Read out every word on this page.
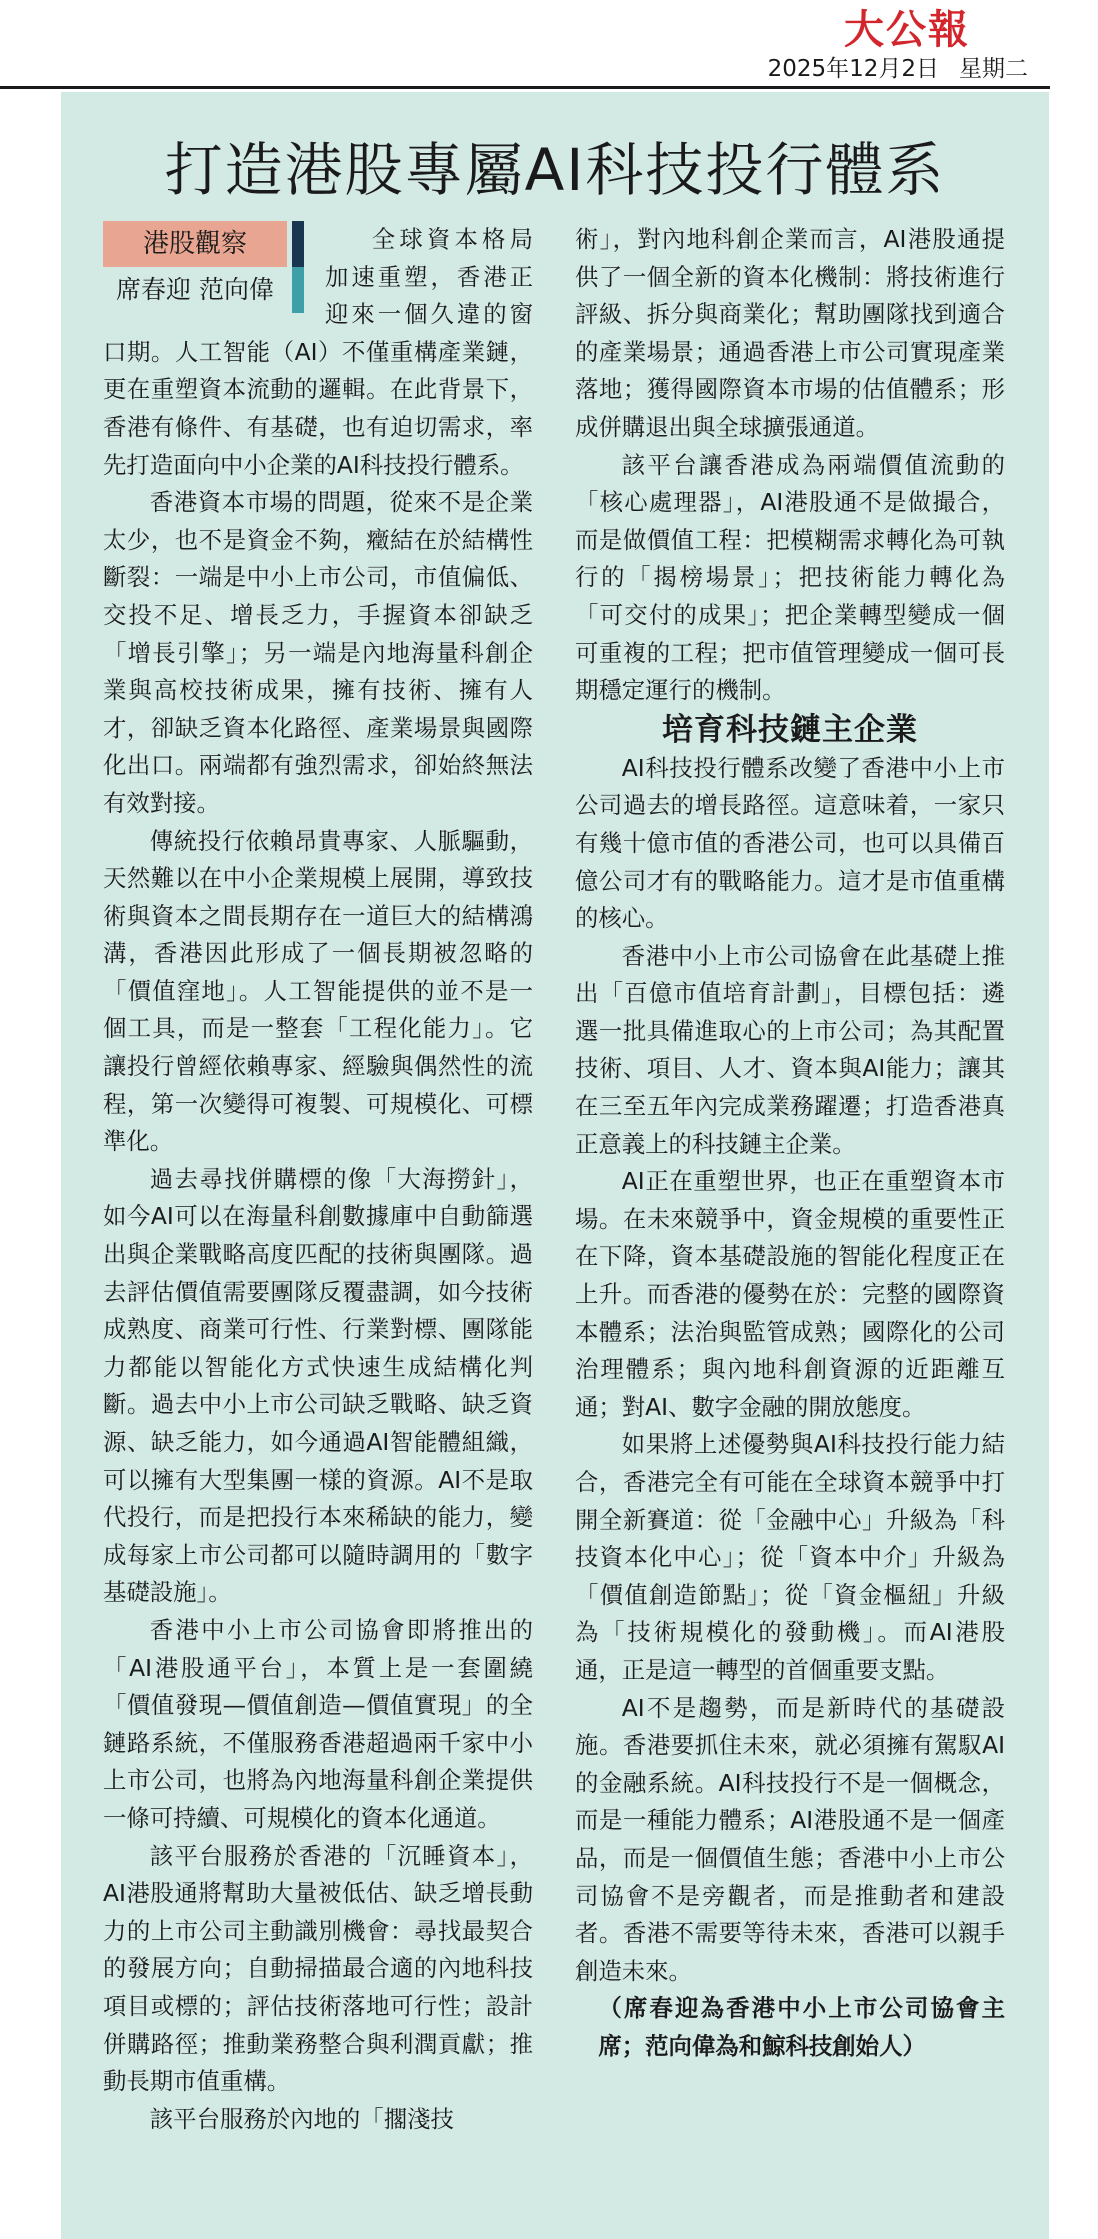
大公報
2025年12月2日 星期二
打造港股專屬AI科技投行體系
港股觀察
席春迎 范向偉

全球資本格局加速重塑，香港正迎來一個久違的窗口期。人工智能（AI）不僅重構產業鏈，更在重塑資本流動的邏輯。在此背景下，香港有條件、有基礎，也有迫切需求，率先打造面向中小企業的AI科技投行體系。

香港資本市場的問題，從來不是企業太少，也不是資金不夠，癥結在於結構性斷裂：一端是中小上市公司，市值偏低、交投不足、增長乏力，手握資本卻缺乏「增長引擎」；另一端是內地海量科創企業與高校技術成果，擁有技術、擁有人才，卻缺乏資本化路徑、產業場景與國際化出口。兩端都有強烈需求，卻始終無法有效對接。

傳統投行依賴昂貴專家、人脈驅動，天然難以在中小企業規模上展開，導致技術與資本之間長期存在一道巨大的結構鴻溝，香港因此形成了一個長期被忽略的「價值窪地」。人工智能提供的並不是一個工具，而是一整套「工程化能力」。它讓投行曾經依賴專家、經驗與偶然性的流程，第一次變得可複製、可規模化、可標準化。

過去尋找併購標的像「大海撈針」，如今AI可以在海量科創數據庫中自動篩選出與企業戰略高度匹配的技術與團隊。過去評估價值需要團隊反覆盡調，如今技術成熟度、商業可行性、行業對標、團隊能力都能以智能化方式快速生成結構化判斷。過去中小上市公司缺乏戰略、缺乏資源、缺乏能力，如今通過AI智能體組織，可以擁有大型集團一樣的資源。AI不是取代投行，而是把投行本來稀缺的能力，變成每家上市公司都可以隨時調用的「數字基礎設施」。

香港中小上市公司協會即將推出的「AI港股通平台」，本質上是一套圍繞「價值發現—價值創造—價值實現」的全鏈路系統，不僅服務香港超過兩千家中小上市公司，也將為內地海量科創企業提供一條可持續、可規模化的資本化通道。

該平台服務於香港的「沉睡資本」，AI港股通將幫助大量被低估、缺乏增長動力的上市公司主動識別機會：尋找最契合的發展方向；自動掃描最合適的內地科技項目或標的；評估技術落地可行性；設計併購路徑；推動業務整合與利潤貢獻；推動長期市值重構。

該平台服務於內地的「擱淺技

術」，對內地科創企業而言，AI港股通提供了一個全新的資本化機制：將技術進行評級、拆分與商業化；幫助團隊找到適合的產業場景；通過香港上市公司實現產業落地；獲得國際資本市場的估值體系；形成併購退出與全球擴張通道。

該平台讓香港成為兩端價值流動的「核心處理器」，AI港股通不是做撮合，而是做價值工程：把模糊需求轉化為可執行的「揭榜場景」；把技術能力轉化為「可交付的成果」；把企業轉型變成一個可重複的工程；把市值管理變成一個可長期穩定運行的機制。

培育科技鏈主企業

AI科技投行體系改變了香港中小上市公司過去的增長路徑。這意味着，一家只有幾十億市值的香港公司，也可以具備百億公司才有的戰略能力。這才是市值重構的核心。

香港中小上市公司協會在此基礎上推出「百億市值培育計劃」，目標包括：遴選一批具備進取心的上市公司；為其配置技術、項目、人才、資本與AI能力；讓其在三至五年內完成業務躍遷；打造香港真正意義上的科技鏈主企業。

AI正在重塑世界，也正在重塑資本市場。在未來競爭中，資金規模的重要性正在下降，資本基礎設施的智能化程度正在上升。而香港的優勢在於：完整的國際資本體系；法治與監管成熟；國際化的公司治理體系；與內地科創資源的近距離互通；對AI、數字金融的開放態度。

如果將上述優勢與AI科技投行能力結合，香港完全有可能在全球資本競爭中打開全新賽道：從「金融中心」升級為「科技資本化中心」；從「資本中介」升級為「價值創造節點」；從「資金樞紐」升級為「技術規模化的發動機」。而AI港股通，正是這一轉型的首個重要支點。

AI不是趨勢，而是新時代的基礎設施。香港要抓住未來，就必須擁有駕馭AI的金融系統。AI科技投行不是一個概念，而是一種能力體系；AI港股通不是一個產品，而是一個價值生態；香港中小上市公司協會不是旁觀者，而是推動者和建設者。香港不需要等待未來，香港可以親手創造未來。

（席春迎為香港中小上市公司協會主席；范向偉為和鯨科技創始人）
